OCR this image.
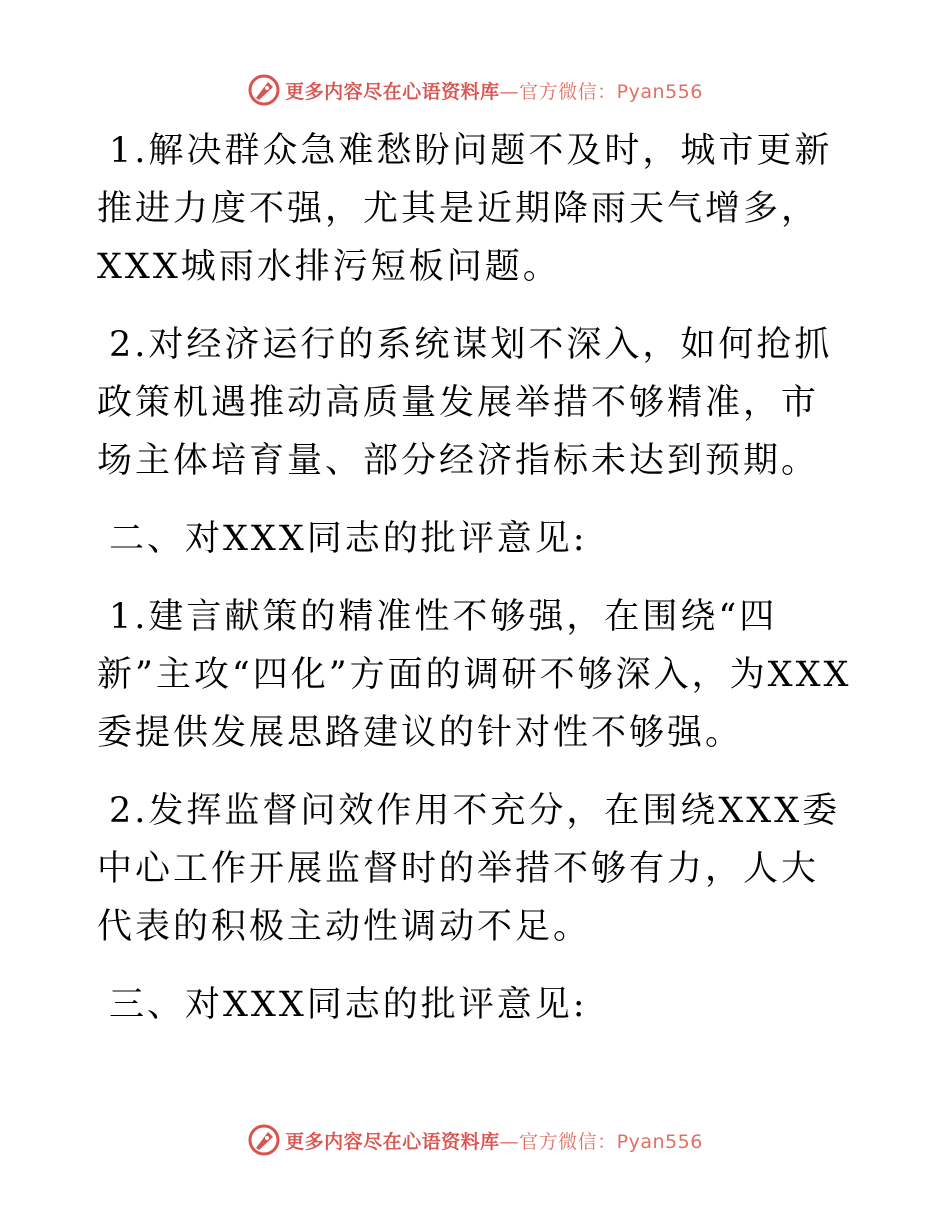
更多内容尽在心语资料库—官方微信：Pyan556

1.解决群众急难愁盼问题不及时，城市更新推进力度不强，尤其是近期降雨天气增多，XXX城雨水排污短板问题。

2.对经济运行的系统谋划不深入，如何抢抓政策机遇推动高质量发展举措不够精准，市场主体培育量、部分经济指标未达到预期。

二、对XXX同志的批评意见:

1.建言献策的精准性不够强，在围绕“四新”主攻“四化”方面的调研不够深入，为XXX委提供发展思路建议的针对性不够强。

2.发挥监督问效作用不充分，在围绕XXX委中心工作开展监督时的举措不够有力，人大代表的积极主动性调动不足。

三、对XXX同志的批评意见:

更多内容尽在心语资料库—官方微信：Pyan556
